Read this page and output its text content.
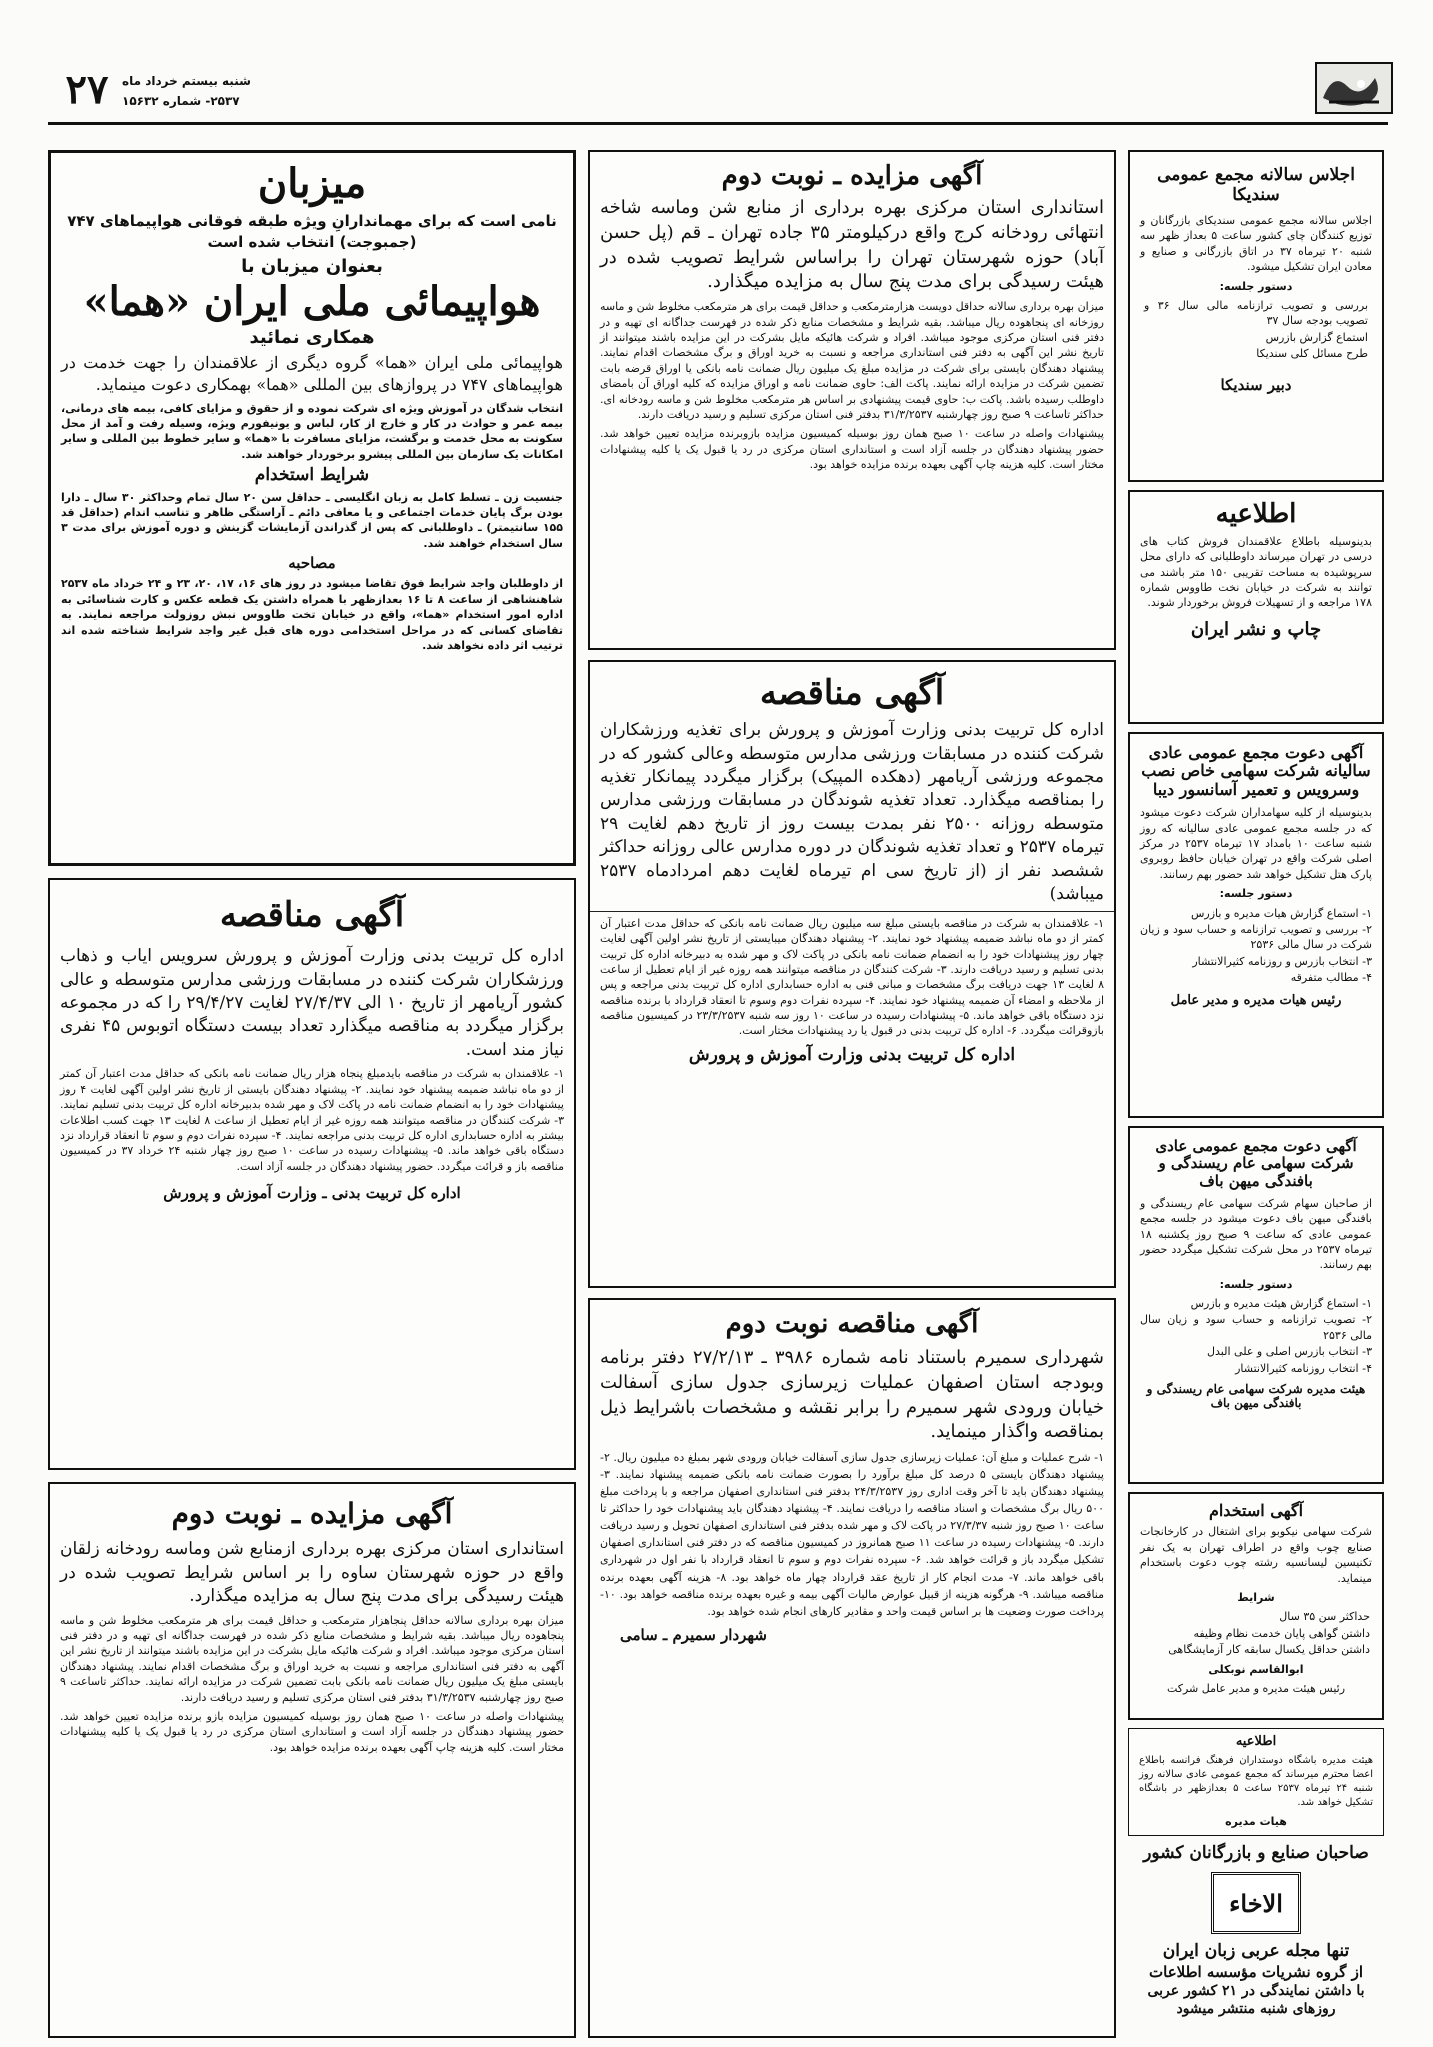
۲۷	شنبه بیستم خرداد ماه
۲۵۳۷- شماره ۱۵۶۳۲

اجلاس سالانه مجمع عمومی سندیکا

اجلاس سالانه مجمع عمومی سندیکای بازرگانان و توزیع کنندگان چای کشور ساعت ۵ بعداز ظهر سه شنبه ۲۰ تیرماه ۳۷ در اتاق بازرگانی و صنایع و معادن ایران تشکیل میشود.

دستور جلسه:

بررسی و تصویب ترازنامه مالی سال ۳۶ و تصویب بودجه سال ۳۷

استماع گزارش بازرس

طرح مسائل کلی سندیکا

دبیر سندیکا

اطلاعیه

بدینوسیله باطلاع علاقمندان فروش کتاب های درسی در تهران میرساند داوطلبانی که دارای محل سرپوشیده به مساحت تقریبی ۱۵۰ متر باشند می توانند به شرکت در خیابان نخت طاووس شماره ۱۷۸ مراجعه و از تسهیلات فروش برخوردار شوند.

چاپ و نشر ایران

آگهی دعوت مجمع عمومی عادی سالیانه شرکت سهامی خاص نصب وسرویس و تعمیر آسانسور دیبا

بدینوسیله از کلیه سهامداران شرکت دعوت میشود که در جلسه مجمع عمومی عادی سالیانه که روز شنبه ساعت ۱۰ بامداد ۱۷ تیرماه ۲۵۳۷ در مرکز اصلی شرکت واقع در تهران خیابان حافظ روبروی پارک هتل تشکیل خواهد شد حضور بهم رسانند.

دستور جلسه:

۱- استماع گزارش هیات مدیره و بازرس

۲- بررسی و تصویب ترازنامه و حساب سود و زیان شرکت در سال مالی ۲۵۳۶

۳- انتخاب بازرس و روزنامه کثیرالانتشار

۴- مطالب متفرقه

رئیس هیات مدیره و مدیر عامل

آگهی دعوت مجمع عمومی عادی شرکت سهامی عام ریسندگی و بافندگی میهن باف

از صاحبان سهام شرکت سهامی عام ریسندگی و بافندگی میهن باف دعوت میشود در جلسه مجمع عمومی عادی که ساعت ۹ صبح روز یکشنبه ۱۸ تیرماه ۲۵۳۷ در محل شرکت تشکیل میگردد حضور بهم رسانند.

دستور جلسه:

۱- استماع گزارش هیئت مدیره و بازرس

۲- تصویب ترازنامه و حساب سود و زیان سال مالی ۲۵۳۶

۳- انتخاب بازرس اصلی و علی البدل

۴- انتخاب روزنامه کثیرالانتشار

هیئت مدیره شرکت سهامی عام ریسندگی و بافندگی میهن باف

آگهی استخدام

شرکت سهامی نیکوبو برای اشتغال در کارخانجات صنایع چوب واقع در اطراف تهران به یک نفر تکنیسین لیسانسیه رشته چوب دعوت باستخدام مینماید.

شرایط

حداکثر سن ۳۵ سال

داشتن گواهی پایان خدمت نظام وظیفه

داشتن حداقل یکسال سابقه کار آزمایشگاهی

ابوالقاسم نوبکلی

رئیس هیئت مدیره و مدیر عامل شرکت

اطلاعیه

هیئت مدیره باشگاه دوستداران فرهنگ فرانسه باطلاع اعضا محترم میرساند که مجمع عمومی عادی سالانه روز شنبه ۲۴ تیرماه ۲۵۳۷ ساعت ۵ بعدازظهر در باشگاه تشکیل خواهد شد.

هیات مدیره

صاحبان صنایع و بازرگانان کشور

الاخاء

تنها مجله عربی زبان ایران

از گروه نشریات مؤسسه اطلاعات

با داشتن نمایندگی در ۲۱ کشور عربی

روزهای شنبه منتشر میشود

آگهی مزایده ـ نوبت دوم

استانداری استان مرکزی بهره برداری از منابع شن وماسه شاخه انتهائی رودخانه کرج واقع درکیلومتر ۳۵ جاده تهران ـ قم (پل حسن آباد) حوزه شهرستان تهران را براساس شرایط تصویب شده در هیئت رسیدگی برای مدت پنج سال به مزایده میگذارد.

میزان بهره برداری سالانه حداقل دویست هزارمترمکعب و حداقل قیمت برای هر مترمکعب مخلوط شن و ماسه روزخانه ای پنجاهوده ریال میباشد. بقیه شرایط و مشخصات منابع ذکر شده در فهرست جداگانه ای تهیه و در دفتر فنی استان مرکزی موجود میباشد. افراد و شرکت هائیکه مایل بشرکت در این مزایده باشند میتوانند از تاریخ نشر این آگهی به دفتر فنی استانداری مراجعه و نسبت به خرید اوراق و برگ مشخصات اقدام نمایند. پیشنهاد دهندگان بایستی برای شرکت در مزایده مبلغ یک میلیون ریال ضمانت نامه بانکی یا اوراق قرضه بابت تضمین شرکت در مزایده ارائه نمایند. پاکت الف: حاوی ضمانت نامه و اوراق مزایده که کلیه اوراق آن بامضای داوطلب رسیده باشد. پاکت ب: حاوی قیمت پیشنهادی بر اساس هر مترمکعب مخلوط شن و ماسه رودخانه ای. حداکثر تاساعت ۹ صبح روز چهارشنبه ۳۱/۳/۲۵۳۷ بدفتر فنی استان مرکزی تسلیم و رسید دریافت دارند.

پیشنهادات واصله در ساعت ۱۰ صبح همان روز بوسیله کمیسیون مزایده بازوبرنده مزایده تعیین خواهد شد. حضور پیشنهاد دهندگان در جلسه آزاد است و استانداری استان مرکزی در رد یا قبول یک یا کلیه پیشنهادات مختار است. کلیه هزینه چاپ آگهی بعهده برنده مزایده خواهد بود.

آگهی مناقصه

اداره کل تربیت بدنی وزارت آموزش و پرورش برای تغذیه ورزشکاران شرکت کننده در مسابقات ورزشی مدارس متوسطه وعالی کشور که در مجموعه ورزشی آریامهر (دهکده المپیک) برگزار میگردد پیمانکار تغذیه را بمناقصه میگذارد. تعداد تغذیه شوندگان در مسابقات ورزشی مدارس متوسطه روزانه ۲۵۰۰ نفر بمدت بیست روز از تاریخ دهم لغایت ۲۹ تیرماه ۲۵۳۷ و تعداد تغذیه شوندگان در دوره مدارس عالی روزانه حداکثر ششصد نفر از (از تاریخ سی ام تیرماه لغایت دهم امردادماه ۲۵۳۷ میباشد)

۱- علاقمندان به شرکت در مناقصه بایستی مبلغ سه میلیون ریال ضمانت نامه بانکی که حداقل مدت اعتبار آن کمتر از دو ماه نباشد ضمیمه پیشنهاد خود نمایند. ۲- پیشنهاد دهندگان میبایستی از تاریخ نشر اولین آگهی لغایت چهار روز پیشنهادات خود را به انضمام ضمانت نامه بانکی در پاکت لاک و مهر شده به دبیرخانه اداره کل تربیت بدنی تسلیم و رسید دریافت دارند. ۳- شرکت کنندگان در مناقصه میتوانند همه روزه غیر از ایام تعطیل از ساعت ۸ لغایت ۱۳ جهت دریافت برگ مشخصات و مبانی فنی به اداره حسابداری اداره کل تربیت بدنی مراجعه و پس از ملاحظه و امضاء آن ضمیمه پیشنهاد خود نمایند. ۴- سپرده نفرات دوم وسوم تا انعقاد قرارداد با برنده مناقصه نزد دستگاه باقی خواهد ماند. ۵- پیشنهادات رسیده در ساعت ۱۰ روز سه شنبه ۲۳/۳/۲۵۳۷ در کمیسیون مناقصه بازوقرائت میگردد. ۶- اداره کل تربیت بدنی در قبول یا رد پیشنهادات مختار است.

اداره کل تربیت بدنی وزارت آموزش و پرورش

آگهی مناقصه نوبت دوم

شهرداری سمیرم باستناد نامه شماره ۳۹۸۶ ـ ۲۷/۲/۱۳ دفتر برنامه وبودجه استان اصفهان عملیات زیرسازی جدول سازی آسفالت خیابان ورودی شهر سمیرم را برابر نقشه و مشخصات باشرایط ذیل بمناقصه واگذار مینماید.

۱- شرح عملیات و مبلغ آن: عملیات زیرسازی جدول سازی آسفالت خیابان ورودی شهر بمبلغ ده میلیون ریال. ۲- پیشنهاد دهندگان بایستی ۵ درصد کل مبلغ برآورد را بصورت ضمانت نامه بانکی ضمیمه پیشنهاد نمایند. ۳- پیشنهاد دهندگان باید تا آخر وقت اداری روز ۲۴/۳/۲۵۳۷ بدفتر فنی استانداری اصفهان مراجعه و با پرداخت مبلغ ۵۰۰ ریال برگ مشخصات و اسناد مناقصه را دریافت نمایند. ۴- پیشنهاد دهندگان باید پیشنهادات خود را حداکثر تا ساعت ۱۰ صبح روز شنبه ۲۷/۳/۳۷ در پاکت لاک و مهر شده بدفتر فنی استانداری اصفهان تحویل و رسید دریافت دارند. ۵- پیشنهادات رسیده در ساعت ۱۱ صبح همانروز در کمیسیون مناقصه که در دفتر فنی استانداری اصفهان تشکیل میگردد باز و قرائت خواهد شد. ۶- سپرده نفرات دوم و سوم تا انعقاد قرارداد با نفر اول در شهرداری باقی خواهد ماند. ۷- مدت انجام کار از تاریخ عقد قرارداد چهار ماه خواهد بود. ۸- هزینه آگهی بعهده برنده مناقصه میباشد. ۹- هرگونه هزینه از قبیل عوارض مالیات آگهی بیمه و غیره بعهده برنده مناقصه خواهد بود. ۱۰- پرداخت صورت وضعیت ها بر اساس قیمت واحد و مقادیر کارهای انجام شده خواهد بود.

شهردار سمیرم ـ سامی

میزبان

نامی است که برای مهماندارانِ ویژه طبقه فوقانی هواپیماهای ۷۴۷ (جمبوجت) انتخاب شده است

بعنوان میزبان با

هواپیمائی ملی ایران «هما»

همکاری نمائید

هواپیمائی ملی ایران «هما» گروه دیگری از علاقمندان را جهت خدمت در هواپیماهای ۷۴۷ در پروازهای بین المللی «هما» بهمکاری دعوت مینماید.

انتخاب شدگان در آموزش ویژه ای شرکت نموده و از حقوق و مزایای کافی، بیمه های درمانی، بیمه عمر و حوادث در کار و خارج از کار، لباس و یونیفورم ویژه، وسیله رفت و آمد از محل سکونت به محل خدمت و برگشت، مزایای مسافرت با «هما» و سایر خطوط بین المللی و سایر امکانات یک سازمان بین المللی پیشرو برخوردار خواهند شد.

شرایط استخدام

جنسیت زن ـ تسلط کامل به زبان انگلیسی ـ حداقل سن ۲۰ سال تمام وحداکثر ۳۰ سال ـ دارا بودن برگ پایان خدمات اجتماعی و یا معافی دائم ـ آراستگی ظاهر و تناسب اندام (حداقل قد ۱۵۵ سانتیمتر) ـ داوطلبانی که پس از گذراندن آزمایشات گزینش و دوره آموزش برای مدت ۳ سال استخدام خواهند شد.

مصاحبه

از داوطلبان واجد شرایط فوق تقاضا میشود در روز های ۱۶، ۱۷، ۲۰، ۲۳ و ۲۴ خرداد ماه ۲۵۳۷ شاهنشاهی از ساعت ۸ تا ۱۶ بعدازظهر با همراه داشتن یک قطعه عکس و کارت شناسائی به اداره امور استخدام «هما»، واقع در خیابان تخت طاووس نبش روزولت مراجعه نمایند. به تقاضای کسانی که در مراحل استخدامی دوره های قبل غیر واجد شرایط شناخته شده اند ترتیب اثر داده نخواهد شد.

آگهی مناقصه

اداره کل تربیت بدنی وزارت آموزش و پرورش سرویس ایاب و ذهاب ورزشکاران شرکت کننده در مسابقات ورزشی مدارس متوسطه و عالی کشور آریامهر از تاریخ ۱۰ الی ۲۷/۴/۳۷ لغایت ۲۹/۴/۲۷ را که در مجموعه برگزار میگردد به مناقصه میگذارد تعداد بیست دستگاه اتوبوس ۴۵ نفری نیاز مند است.

۱- علاقمندان به شرکت در مناقصه بایدمبلغ پنجاه هزار ریال ضمانت نامه بانکی که حداقل مدت اعتبار آن کمتر از دو ماه نباشد ضمیمه پیشنهاد خود نمایند. ۲- پیشنهاد دهندگان بایستی از تاریخ نشر اولین آگهی لغایت ۴ روز پیشنهادات خود را به انضمام ضمانت نامه در پاکت لاک و مهر شده بدبیرخانه اداره کل تربیت بدنی تسلیم نمایند. ۳- شرکت کنندگان در مناقصه میتوانند همه روزه غیر از ایام تعطیل از ساعت ۸ لغایت ۱۳ جهت کسب اطلاعات بیشتر به اداره حسابداری اداره کل تربیت بدنی مراجعه نمایند. ۴- سپرده نفرات دوم و سوم تا انعقاد قرارداد نزد دستگاه باقی خواهد ماند. ۵- پیشنهادات رسیده در ساعت ۱۰ صبح روز چهار شنبه ۲۴ خرداد ۳۷ در کمیسیون مناقصه باز و قرائت میگردد. حضور پیشنهاد دهندگان در جلسه آزاد است.

اداره کل تربیت بدنی ـ وزارت آموزش و پرورش

آگهی مزایده ـ نوبت دوم

استانداری استان مرکزی بهره برداری ازمنابع شن وماسه رودخانه زلقان واقع در حوزه شهرستان ساوه را بر اساس شرایط تصویب شده در هیئت رسیدگی برای مدت پنج سال به مزایده میگذارد.

میزان بهره برداری سالانه حداقل پنجاهزار مترمکعب و حداقل قیمت برای هر مترمکعب مخلوط شن و ماسه پنجاهوده ریال میباشد. بقیه شرایط و مشخصات منابع ذکر شده در فهرست جداگانه ای تهیه و در دفتر فنی استان مرکزی موجود میباشد. افراد و شرکت هائیکه مایل بشرکت در این مزایده باشند میتوانند از تاریخ نشر این آگهی به دفتر فنی استانداری مراجعه و نسبت به خرید اوراق و برگ مشخصات اقدام نمایند. پیشنهاد دهندگان بایستی مبلغ یک میلیون ریال ضمانت نامه بانکی بابت تضمین شرکت در مزایده ارائه نمایند. حداکثر تاساعت ۹ صبح روز چهارشنبه ۳۱/۳/۲۵۳۷ بدفتر فنی استان مرکزی تسلیم و رسید دریافت دارند.

پیشنهادات واصله در ساعت ۱۰ صبح همان روز بوسیله کمیسیون مزایده بازو برنده مزایده تعیین خواهد شد. حضور پیشنهاد دهندگان در جلسه آزاد است و استانداری استان مرکزی در رد یا قبول یک یا کلیه پیشنهادات مختار است. کلیه هزینه چاپ آگهی بعهده برنده مزایده خواهد بود.
